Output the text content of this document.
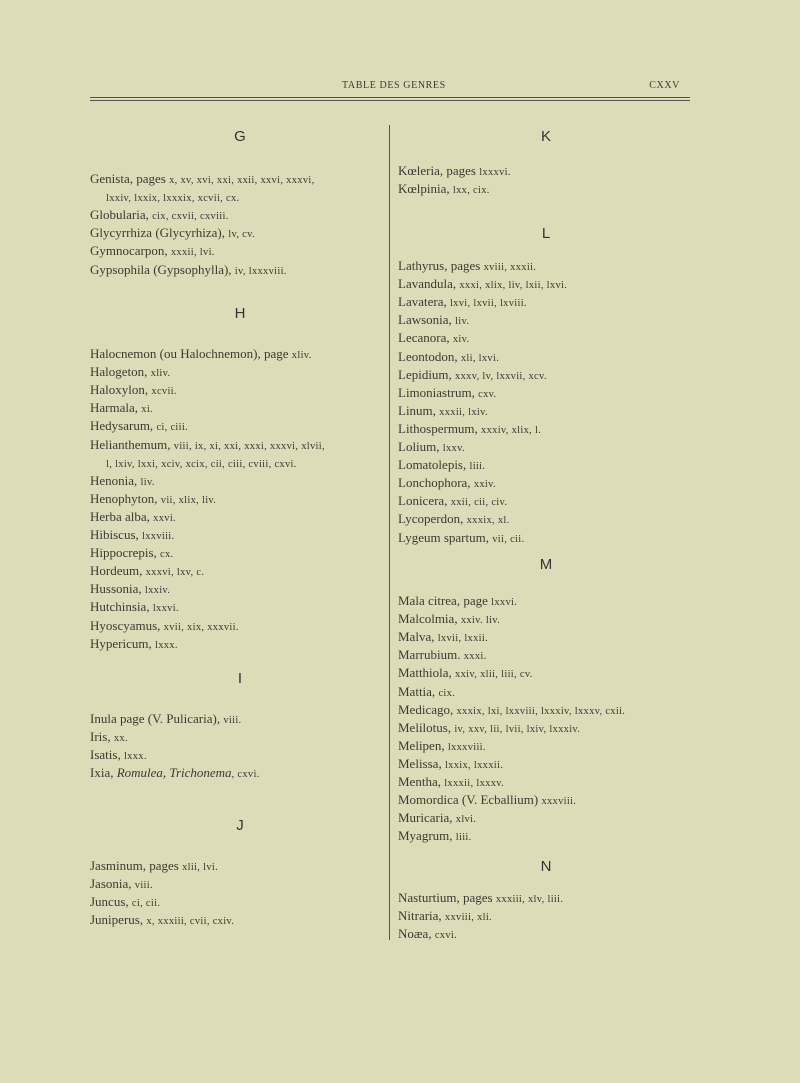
TABLE DES GENRES	CXXV
G
Genista, pages x, xv, xvi, xxi, xxii, xxvi, xxxvi,
lxxiv, lxxix, lxxxix, xcvii, cx.
Globularia, cix, cxvii, cxviii.
Glycyrrhiza (Glycyrhiza), lv, cv.
Gymnocarpon, xxxii, lvi.
Gypsophila (Gypsophylla), iv, lxxxviii.
H
Halocnemon (ou Halochnemon), page xliv.
Halogeton, xliv.
Haloxylon, xcvii.
Harmala, xi.
Hedysarum, ci, ciii.
Helianthemum, viii, ix, xi, xxi, xxxi, xxxvi, xlvii,
l, lxiv, lxxi, xciv, xcix, cii, ciii, cviii, cxvi.
Henonia, liv.
Henophyton, vii, xlix, liv.
Herba alba, xxvi.
Hibiscus, lxxviii.
Hippocrepis, cx.
Hordeum, xxxvi, lxv, c.
Hussonia, lxxiv.
Hutchinsia, lxxvi.
Hyoscyamus, xvii, xix, xxxvii.
Hypericum, lxxx.
I
Inula page (V. Pulicaria), viii.
Iris, xx.
Isatis, lxxx.
Ixia, Romulea, Trichonema, cxvi.
J
Jasminum, pages xlii, lvi.
Jasonia, viii.
Juncus, ci, cii.
Juniperus, x, xxxiii, cvii, cxiv.
K
Kœleria, pages lxxxvi.
Kœlpinia, lxx, cix.
L
Lathyrus, pages xviii, xxxii.
Lavandula, xxxi, xlix, liv, lxii, lxvi.
Lavatera, lxvi, lxvii, lxviii.
Lawsonia, liv.
Lecanora, xiv.
Leontodon, xli, lxvi.
Lepidium, xxxv, lv, lxxvii, xcv.
Limoniastrum, cxv.
Linum, xxxii, lxiv.
Lithospermum, xxxiv, xlix, l.
Lolium, lxxv.
Lomatolepis, liii.
Lonchophora, xxiv.
Lonicera, xxii, cii, civ.
Lycoperdon, xxxix, xl.
Lygeum spartum, vii, cii.
M
Mala citrea, page lxxvi.
Malcolmia, xxiv. liv.
Malva, lxvii, lxxii.
Marrubium. xxxi.
Matthiola, xxiv, xlii, liii, cv.
Mattia, cix.
Medicago, xxxix, lxi, lxxviii, lxxxiv, lxxxv, cxii.
Melilotus, iv, xxv, lii, lvii, lxiv, lxxxiv.
Melipen, lxxxviii.
Melissa, lxxix, lxxxii.
Mentha, lxxxii, lxxxv.
Momordica (V. Ecballium) xxxviii.
Muricaria, xlvi.
Myagrum, liii.
N
Nasturtium, pages xxxiii, xlv, liii.
Nitraria, xxviii, xli.
Noæa, cxvi.
